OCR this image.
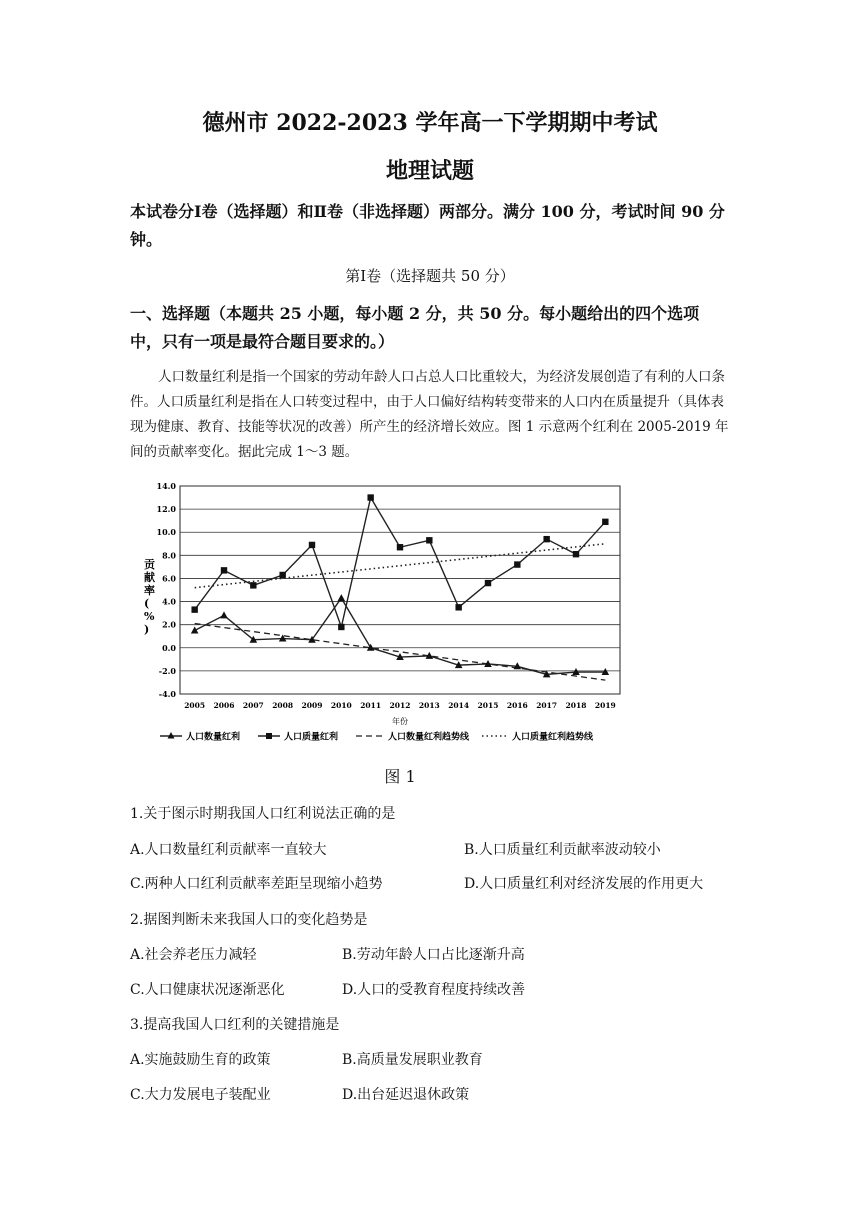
德州市 2022-2023 学年高一下学期期中考试
地理试题
本试卷分Ⅰ卷（选择题）和Ⅱ卷（非选择题）两部分。满分 100 分，考试时间 90 分钟。
第Ⅰ卷（选择题共 50 分）
一、选择题（本题共 25 小题，每小题 2 分，共 50 分。每小题给出的四个选项中，只有一项是最符合题目要求的。）

人口数量红利是指一个国家的劳动年龄人口占总人口比重较大，为经济发展创造了有利的人口条件。人口质量红利是指在人口转变过程中，由于人口偏好结构转变带来的人口内在质量提升（具体表现为健康、教育、技能等状况的改善）所产生的经济增长效应。图 1 示意两个红利在 2005-2019 年间的贡献率变化。据此完成 1～3 题。

14.0
12.0
10.0
8.0
6.0
4.0
2.0
0.0
-2.0
-4.0
2005 2006 2007 2008 2009 2010 2011 2012 2013 2014 2015 2016 2017 2018 2019
贡献率( % )
年份
人口数量红利	人口质量红利	人口数量红利趋势线	人口质量红利趋势线
图 1
1.关于图示时期我国人口红利说法正确的是
A.人口数量红利贡献率一直较大	B.人口质量红利贡献率波动较小
C.两种人口红利贡献率差距呈现缩小趋势	D.人口质量红利对经济发展的作用更大
2.据图判断未来我国人口的变化趋势是
A.社会养老压力减轻	B.劳动年龄人口占比逐渐升高
C.人口健康状况逐渐恶化	D.人口的受教育程度持续改善
3.提高我国人口红利的关键措施是
A.实施鼓励生育的政策	B.高质量发展职业教育
C.大力发展电子装配业	D.出台延迟退休政策
